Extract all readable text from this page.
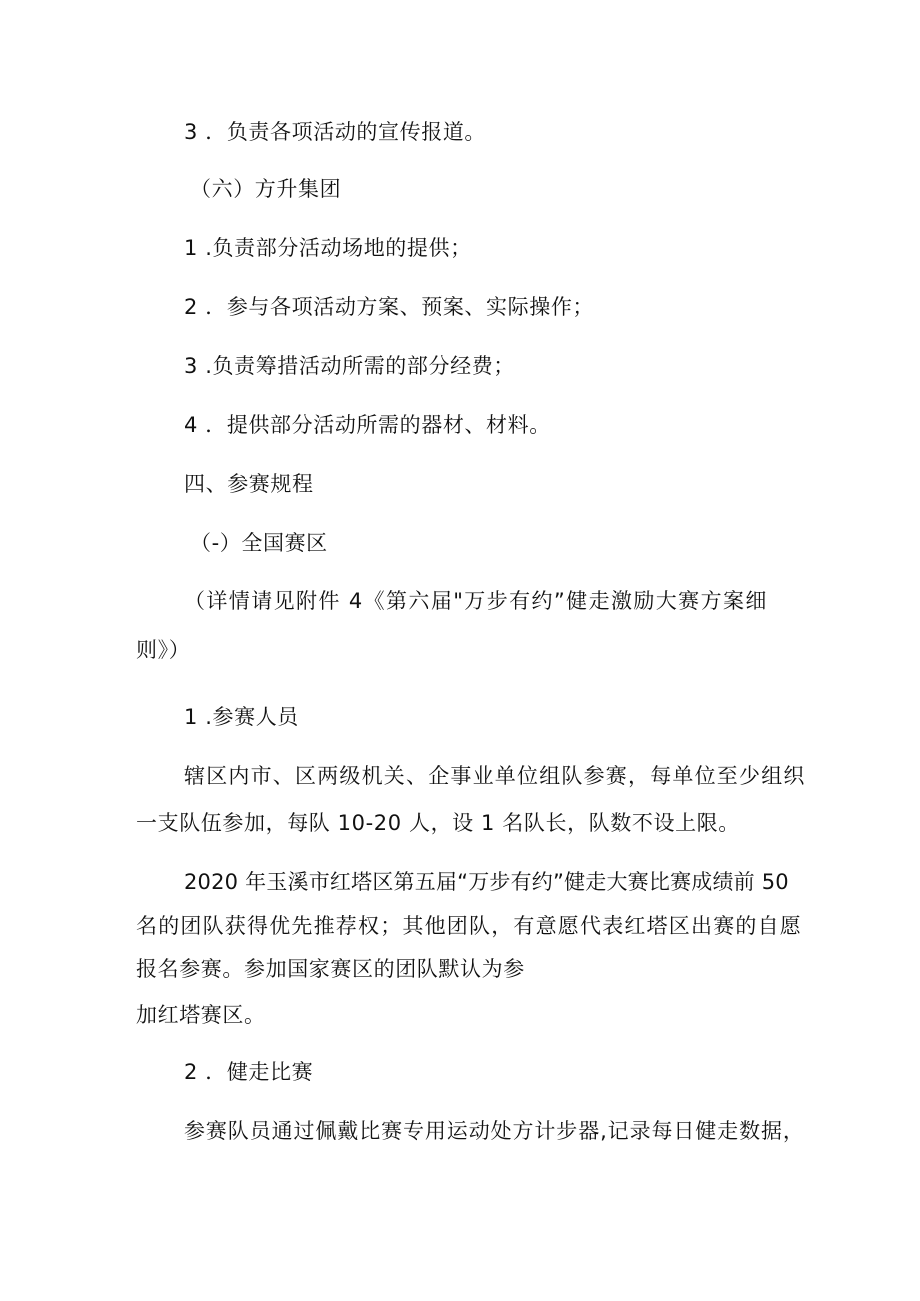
3 ．负责各项活动的宣传报道。
（六）方升集团
1 .负责部分活动场地的提供；
2 ．参与各项活动方案、预案、实际操作；
3 .负责筹措活动所需的部分经费；
4 ．提供部分活动所需的器材、材料。
四、参赛规程
（-）全国赛区
（详情请见附件 4《第六届"万步有约”健走激励大赛方案细
则》）
1 .参赛人员
辖区内市、区两级机关、企事业单位组队参赛，每单位至少组织
一支队伍参加，每队 10-20 人，设 1 名队长，队数不设上限。
2020 年玉溪市红塔区第五届“万步有约”健走大赛比赛成绩前 50
名的团队获得优先推荐权；其他团队，有意愿代表红塔区出赛的自愿
报名参赛。参加国家赛区的团队默认为参
加红塔赛区。
2 ．健走比赛
参赛队员通过佩戴比赛专用运动处方计步器,记录每日健走数据，
